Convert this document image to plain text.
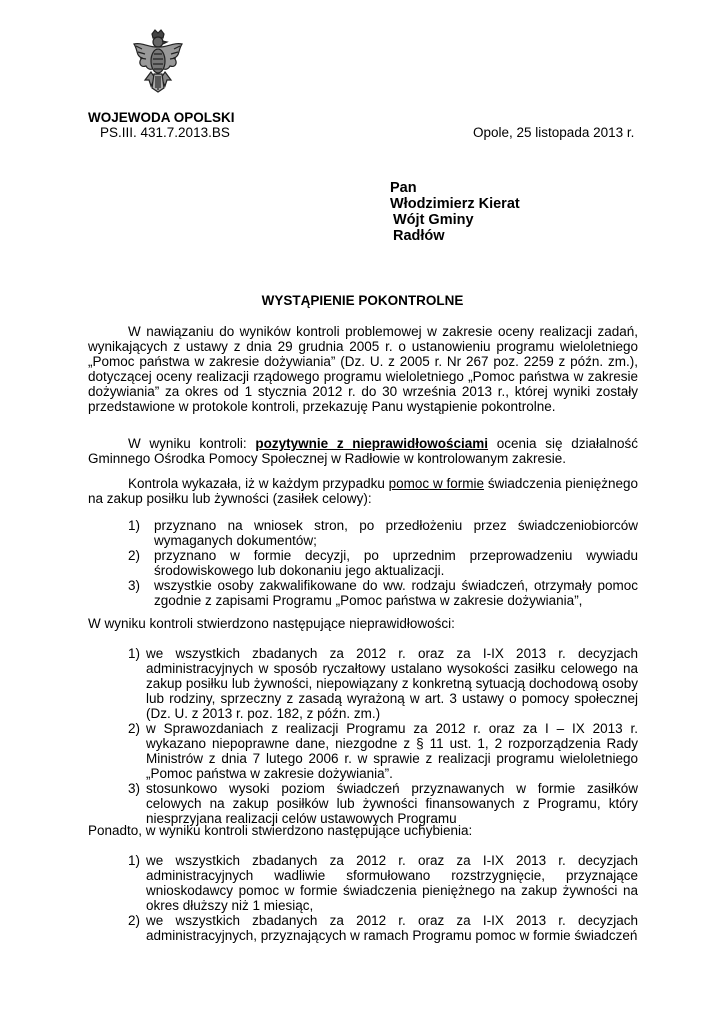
WOJEWODA OPOLSKI
PS.III. 431.7.2013.BS	Opole, 25 listopada 2013 r.
Pan
Włodzimierz Kierat
Wójt Gminy
Radłów
WYSTĄPIENIE POKONTROLNE
W nawiązaniu do wyników kontroli problemowej w zakresie oceny realizacji zadań, wynikających z ustawy z dnia 29 grudnia 2005 r. o ustanowieniu programu wieloletniego „Pomoc państwa w zakresie dożywiania” (Dz. U. z 2005 r. Nr 267 poz. 2259 z późn. zm.), dotyczącej oceny realizacji rządowego programu wieloletniego „Pomoc państwa w zakresie dożywiania” za okres od 1 stycznia 2012 r. do 30 września 2013 r., której wyniki zostały przedstawione w protokole kontroli, przekazuję Panu wystąpienie pokontrolne.
W wyniku kontroli: pozytywnie z nieprawidłowościami ocenia się działalność Gminnego Ośrodka Pomocy Społecznej w Radłowie w kontrolowanym zakresie.
Kontrola wykazała, iż w każdym przypadku pomoc w formie świadczenia pieniężnego na zakup posiłku lub żywności (zasiłek celowy):
1) przyznano na wniosek stron, po przedłożeniu przez świadczeniobiorców wymaganych dokumentów;
2) przyznano w formie decyzji, po uprzednim przeprowadzeniu wywiadu środowiskowego lub dokonaniu jego aktualizacji.
3) wszystkie osoby zakwalifikowane do ww. rodzaju świadczeń, otrzymały pomoc zgodnie z zapisami Programu „Pomoc państwa w zakresie dożywiania”,
W wyniku kontroli stwierdzono następujące nieprawidłowości:
1) we wszystkich zbadanych za 2012 r. oraz za I-IX 2013 r. decyzjach administracyjnych w sposób ryczałtowy ustalano wysokości zasiłku celowego na zakup posiłku lub żywności, niepowiązany z konkretną sytuacją dochodową osoby lub rodziny, sprzeczny z zasadą wyrażoną w art. 3 ustawy o pomocy społecznej (Dz. U. z 2013 r. poz. 182, z późn. zm.)
2) w Sprawozdaniach z realizacji Programu za 2012 r. oraz za I – IX 2013 r. wykazano niepoprawne dane, niezgodne z § 11 ust. 1, 2 rozporządzenia Rady Ministrów z dnia 7 lutego 2006 r. w sprawie z realizacji programu wieloletniego „Pomoc państwa w zakresie dożywiania”.
3) stosunkowo wysoki poziom świadczeń przyznawanych w formie zasiłków celowych na zakup posiłków lub żywności finansowanych z Programu, który niesprzyjana realizacji celów ustawowych Programu
Ponadto, w wyniku kontroli stwierdzono następujące uchybienia:
1) we wszystkich zbadanych za 2012 r. oraz za I-IX 2013 r. decyzjach administracyjnych wadliwie sformułowano rozstrzygnięcie, przyznające wnioskodawcy pomoc w formie świadczenia pieniężnego na zakup żywności na okres dłuższy niż 1 miesiąc,
2) we wszystkich zbadanych za 2012 r. oraz za I-IX 2013 r. decyzjach administracyjnych, przyznających w ramach Programu pomoc w formie świadczeń
